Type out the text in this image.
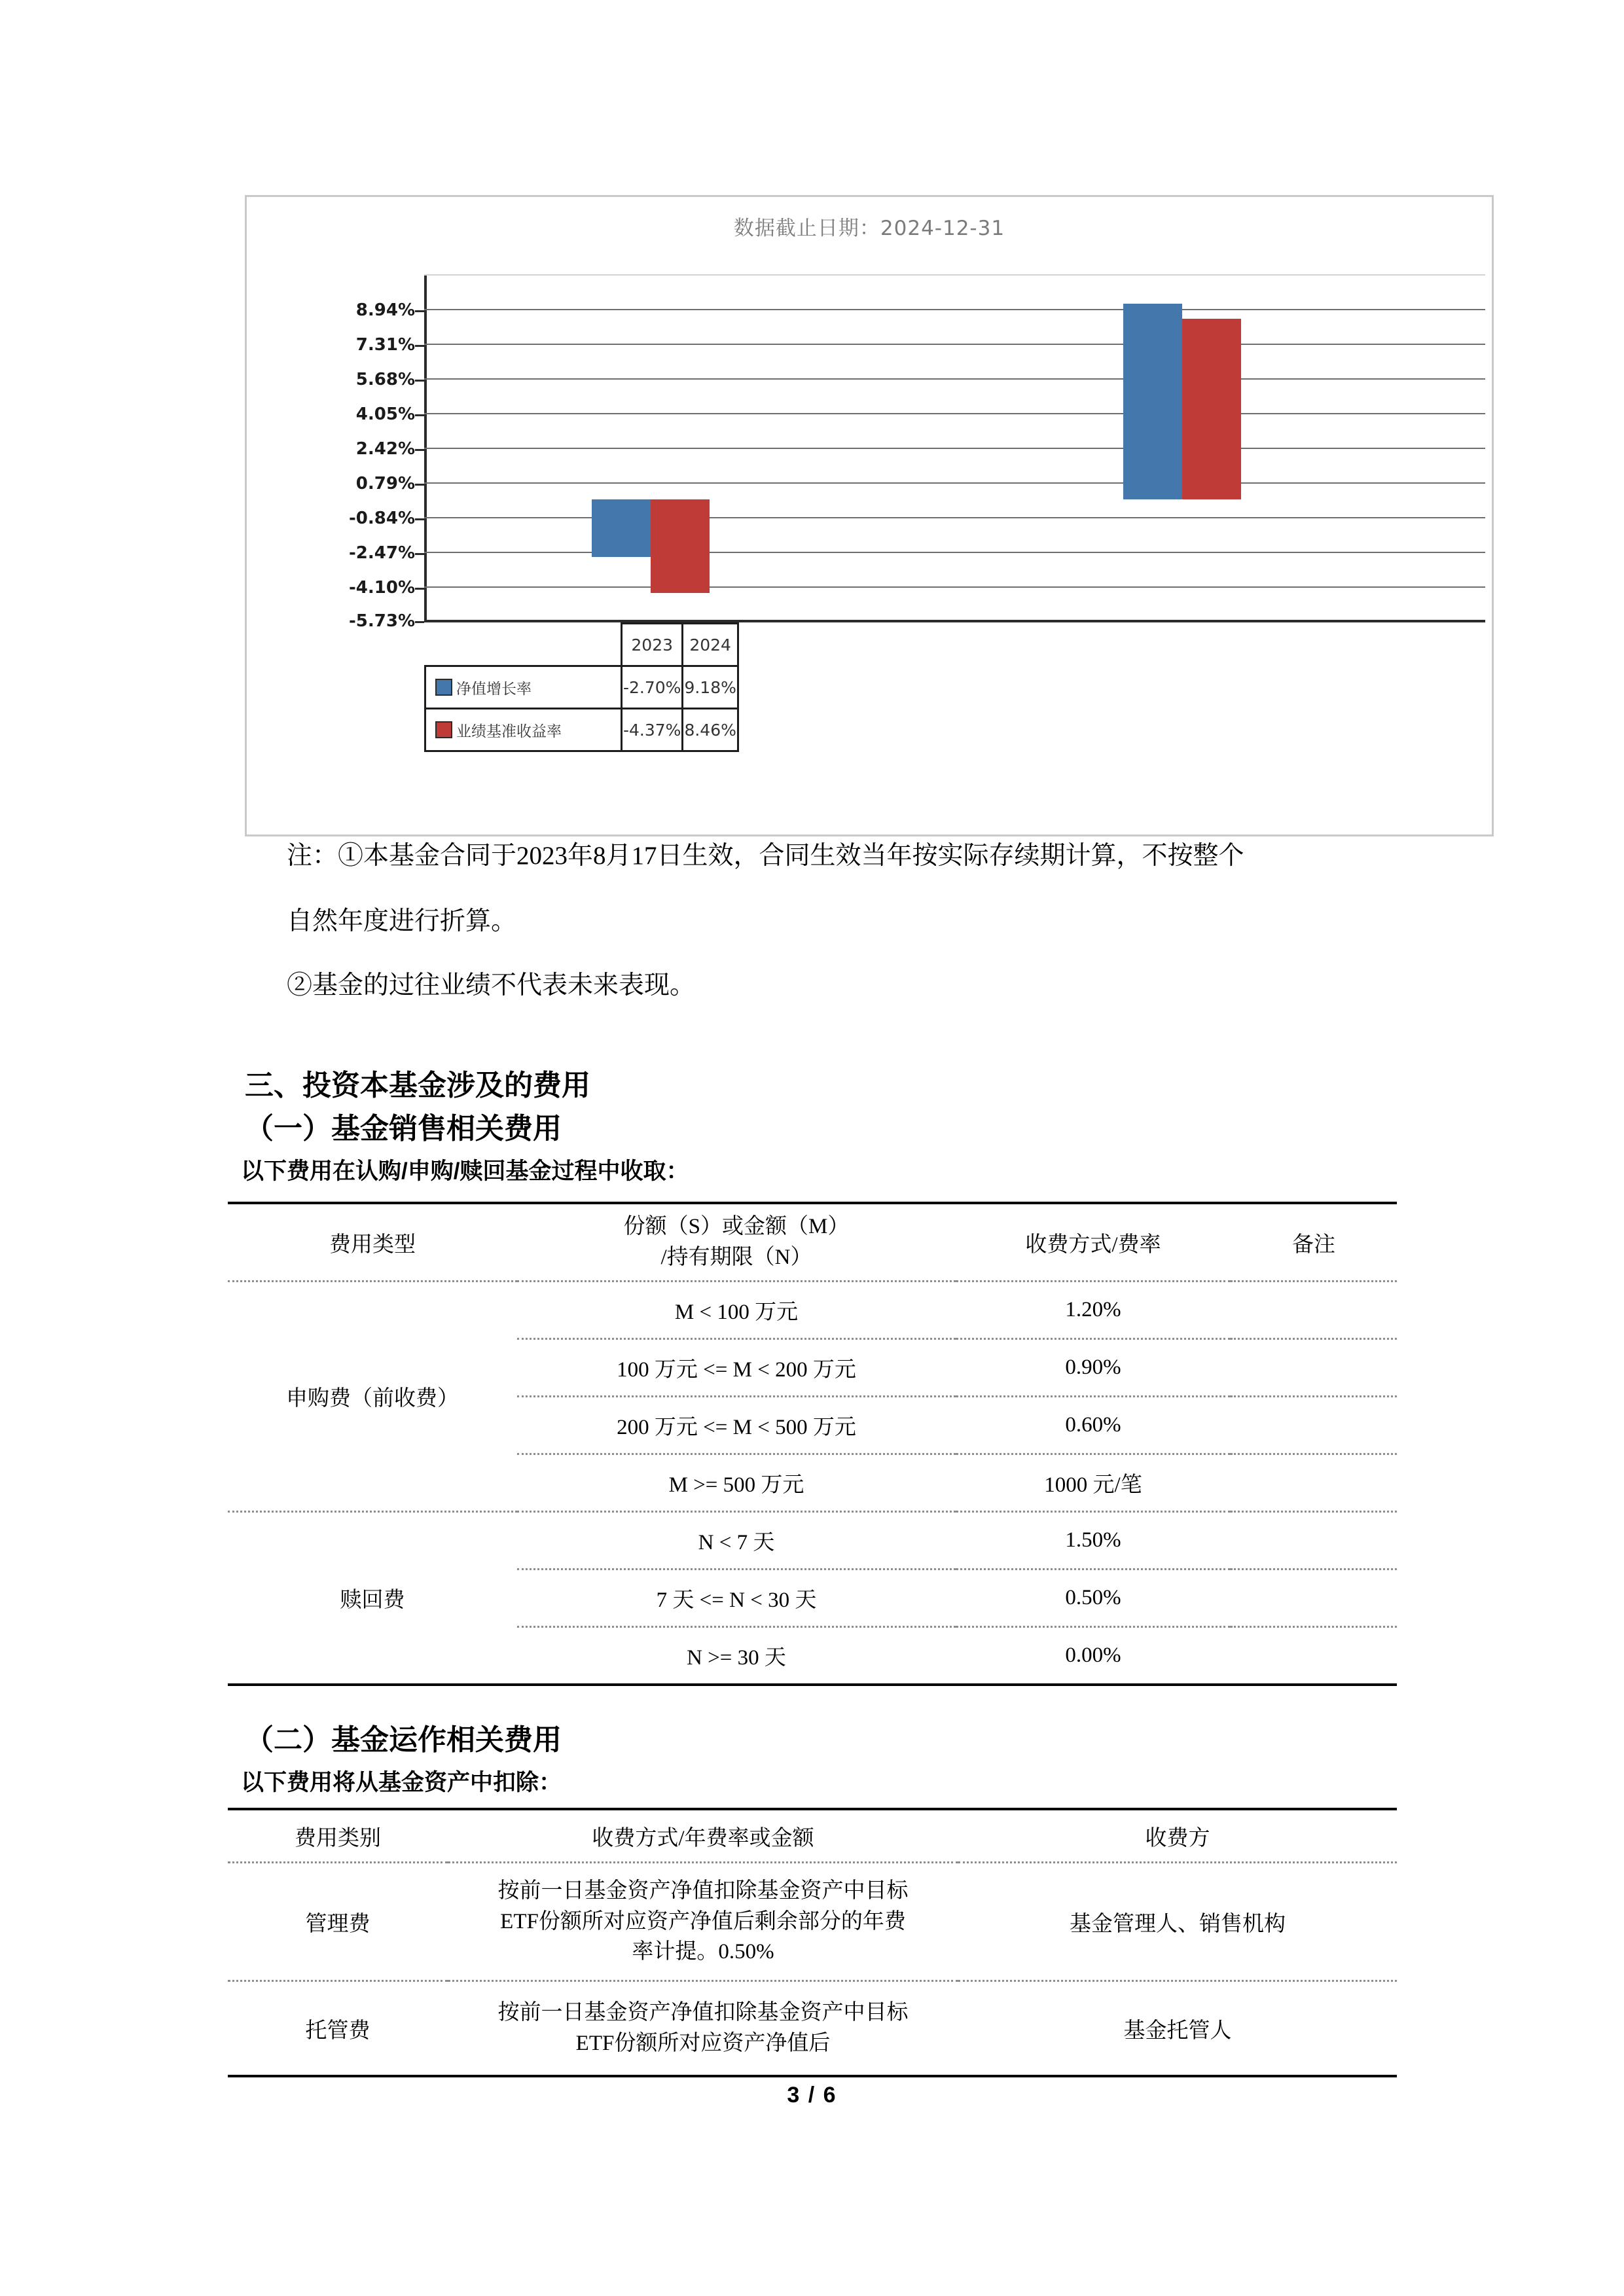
数据截止日期：2024-12-31
8.94%
7.31%
5.68%
4.05%
2.42%
0.79%
-0.84%
-2.47%
-4.10%
-5.73%
	2023	2024
净值增长率	-2.70%	9.18%
业绩基准收益率	-4.37%	8.46%
注：①本基金合同于2023年8月17日生效，合同生效当年按实际存续期计算，不按整个
自然年度进行折算。
②基金的过往业绩不代表未来表现。
三、投资本基金涉及的费用
（一）基金销售相关费用
以下费用在认购/申购/赎回基金过程中收取：
费用类型	份额（S）或金额（M）
/持有期限（N）	收费方式/费率	备注
申购费（前收费）	M < 100 万元	1.20%	
	100 万元 <= M < 200 万元	0.90%	
	200 万元 <= M < 500 万元	0.60%	
	M >= 500 万元	1000 元/笔	
赎回费	N < 7 天	1.50%	
	7 天 <= N < 30 天	0.50%	
	N >= 30 天	0.00%	
（二）基金运作相关费用
以下费用将从基金资产中扣除：
费用类别	收费方式/年费率或金额	收费方
管理费	按前一日基金资产净值扣除基金资产中目标ETF份额所对应资产净值后剩余部分的年费率计提。0.50%	基金管理人、销售机构
托管费	按前一日基金资产净值扣除基金资产中目标ETF份额所对应资产净值后	基金托管人
3 / 6
